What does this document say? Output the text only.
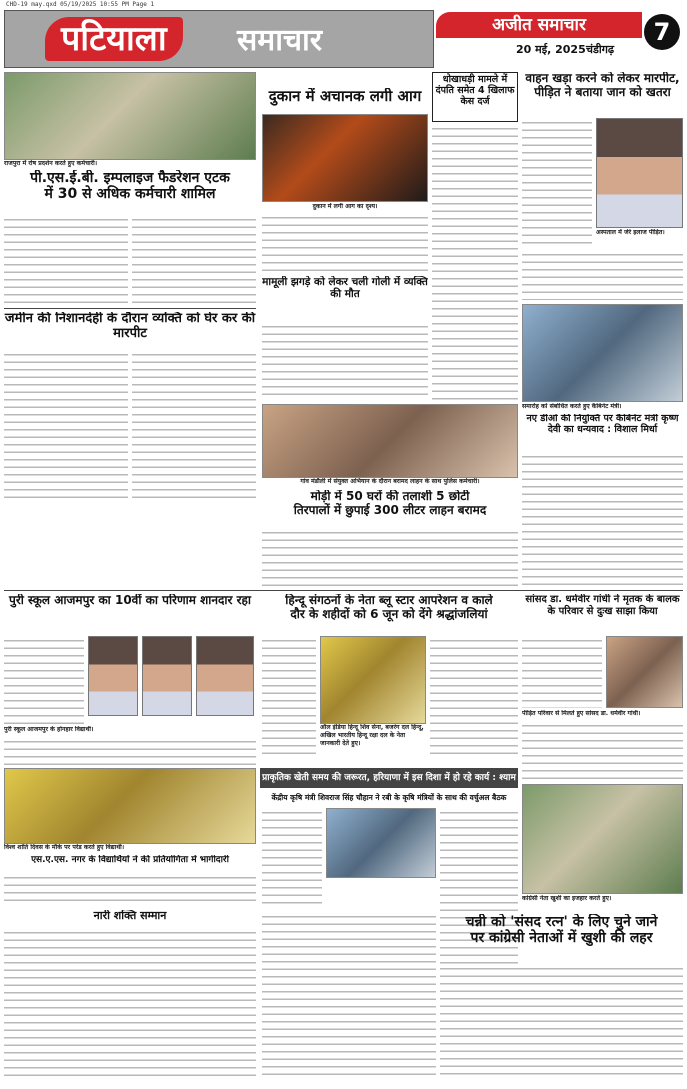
CHD-19 may.qxd 05/19/2025 10:55 PM Page 1
पटियाला	समाचार	अजीत समाचार
20 मई, 2025 चंडीगढ़
7
राजपुरा में रोष प्रदर्शन करते हुए कर्मचारी।
पी.एस.ई.बी. इम्पलाइज फैडरेशन एटक
में 30 से अधिक कर्मचारी शामिल
दुकान में अचानक लगी आग
दुकान में लगी आग का दृश्य।
धोखाधड़ी मामले में दंपति समेत 4 खिलाफ केस दर्ज
वाहन खड़ा करने को लेकर मारपीट,
पीड़ित ने बताया जान को खतरा
अस्पताल में जेरे इलाज पीड़ित।
जमीन की निशानदेही के दौरान व्यक्ति को घेर कर की मारपीट
मामूली झगड़े को लेकर चली गोली में व्यक्ति की मौत
गांव मंडौली में संयुक्त अभियान के दौरान बरामद लाहन के साथ पुलिस कर्मचारी।
मोड़ी में 50 घरों की तलाशी 5 छोटी
तिरपालों में छुपाई 300 लीटर लाहन बरामद
समारोह को संबोधित करते हुए कैबिनेट मंत्री।
नए डीओ की नियुक्ति पर कैबिनेट मंत्री कृष्ण देवी का धन्यवाद : विशाल मिर्धा
पुरी स्कूल आजमपुर का 10वीं का परिणाम शानदार रहा
पुरी स्कूल आजमपुर के होनहार विद्यार्थी।
हिन्दू संगठनों के नेता ब्लू स्टार आपरेशन व काले
दौर के शहीदों को 6 जून को देंगे श्रद्धांजलियां
ऑल इंडिया हिन्दू शिव सेना, बजरंग दल हिन्दू, अखिल भारतीय हिन्दू रक्षा दल के नेता जानकारी देते हुए।
सांसद डा. धर्मवीर गांधी ने मृतक के बालक के परिवार से दुःख साझा किया
पीड़ित परिवार से मिलते हुए सांसद डा. धर्मवीर गांधी।
विश्व शांति दिवस के मौके पर परेड करते हुए विद्यार्थी।
एस.ए.एस. नगर के विद्यार्थियों ने की प्रतियोगिता में भागीदारी
नारी शक्ति सम्मान
प्राकृतिक खेती समय की जरूरत, हरियाणा में इस दिशा में हो रहे कार्य : श्याम
केंद्रीय कृषि मंत्री शिवराज सिंह चौहान ने रबी के कृषि मंत्रियों के साथ की वर्चुअल बैठक
कांग्रेसी नेता खुशी का इजहार करते हुए।
चन्नी को 'संसद रत्न' के लिए चुने जाने
पर कांग्रेसी नेताओं में खुशी की लहर
